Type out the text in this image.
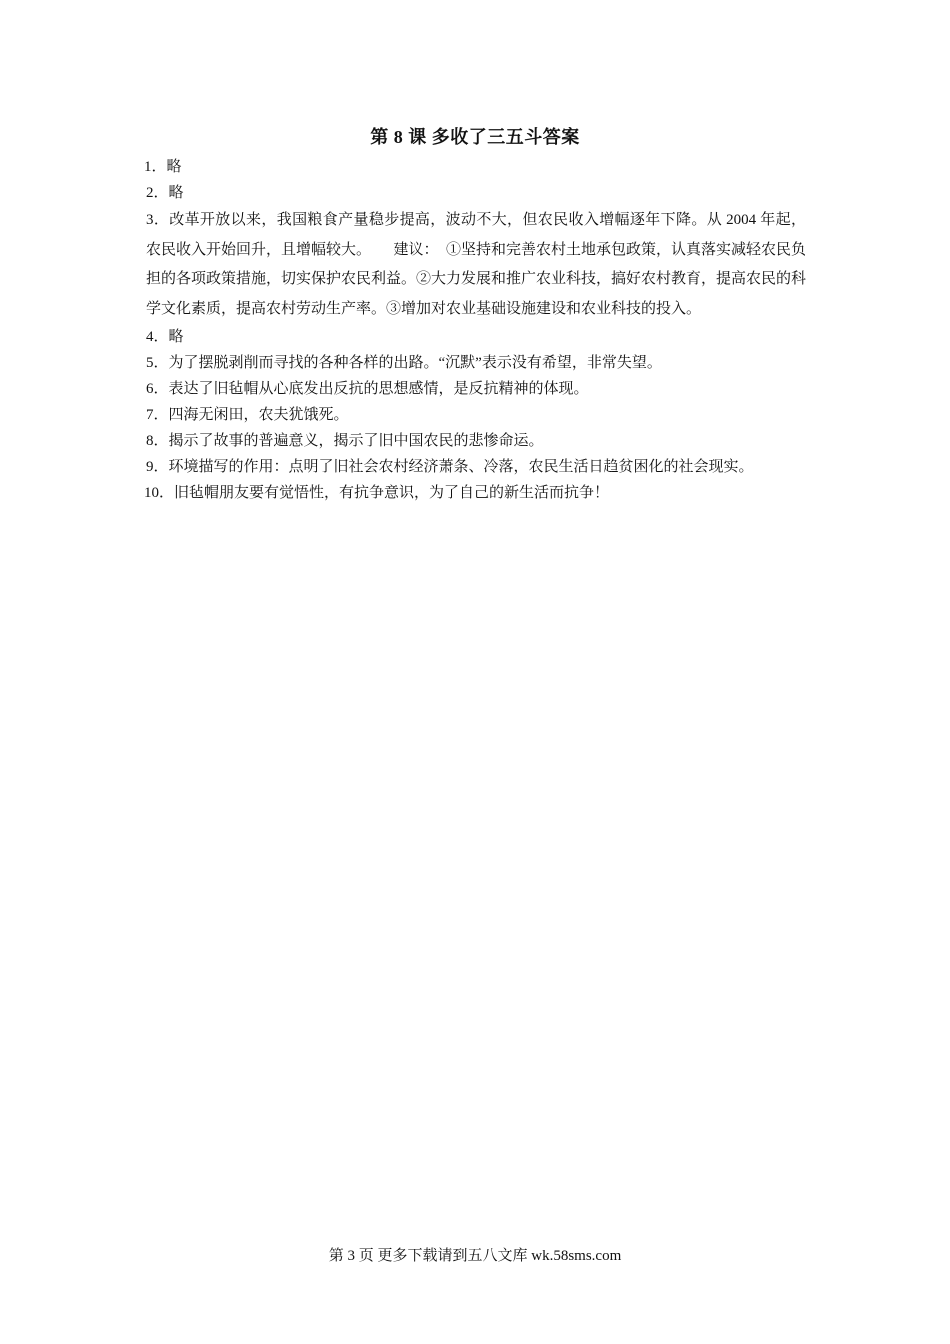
第 8 课 多收了三五斗答案
1．略
2．略
3．改革开放以来，我国粮食产量稳步提高，波动不大，但农民收入增幅逐年下降。从 2004 年起，农民收入开始回升，且增幅较大。　　建议：　①坚持和完善农村土地承包政策，认真落实减轻农民负担的各项政策措施，切实保护农民利益。②大力发展和推广农业科技，搞好农村教育，提高农民的科学文化素质，提高农村劳动生产率。③增加对农业基础设施建设和农业科技的投入。
4．略
5．为了摆脱剥削而寻找的各种各样的出路。“沉默”表示没有希望，非常失望。
6．表达了旧毡帽从心底发出反抗的思想感情，是反抗精神的体现。
7．四海无闲田，农夫犹饿死。
8．揭示了故事的普遍意义，揭示了旧中国农民的悲惨命运。
9．环境描写的作用：点明了旧社会农村经济萧条、冷落，农民生活日趋贫困化的社会现实。
10．旧毡帽朋友要有觉悟性，有抗争意识，为了自己的新生活而抗争！
第 3 页 更多下载请到五八文库 wk.58sms.com
